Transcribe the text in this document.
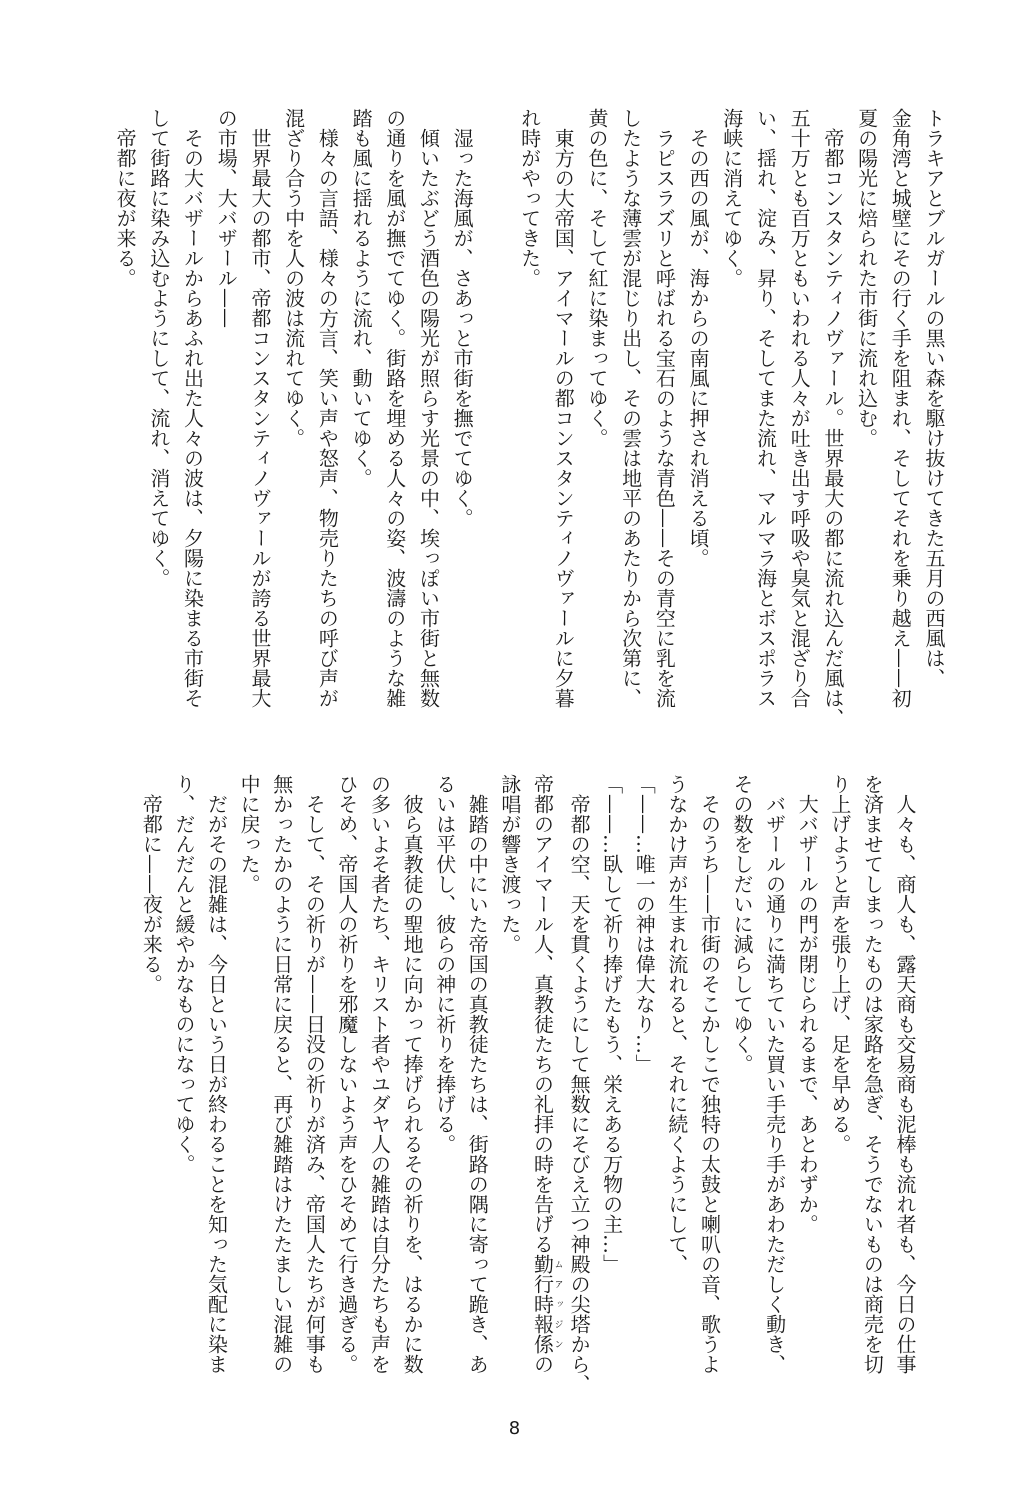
トラキアとブルガールの黒い森を駆け抜けてきた五月の西風は、
金角湾と城壁にその行く手を阻まれ、そしてそれを乗り越え——初
夏の陽光に焙られた市街に流れ込む。
帝都コンスタンティノヴァール。世界最大の都に流れ込んだ風は、
五十万とも百万ともいわれる人々が吐き出す呼吸や臭気と混ざり合
い、揺れ、淀み、昇り、そしてまた流れ、マルマラ海とボスポラス
海峡に消えてゆく。
その西の風が、海からの南風に押され消える頃。
ラピスラズリと呼ばれる宝石のような青色——その青空に乳を流
したような薄雲が混じり出し、その雲は地平のあたりから次第に、
黄の色に、そして紅に染まってゆく。
東方の大帝国、アイマールの都コンスタンティノヴァールに夕暮
れ時がやってきた。
湿った海風が、さあっと市街を撫でてゆく。
傾いたぶどう酒色の陽光が照らす光景の中、埃っぽい市街と無数
の通りを風が撫でてゆく。街路を埋める人々の姿、波濤のような雑
踏も風に揺れるように流れ、動いてゆく。
様々の言語、様々の方言、笑い声や怒声、物売りたちの呼び声が
混ざり合う中を人の波は流れてゆく。
世界最大の都市、帝都コンスタンティノヴァールが誇る世界最大
の市場、大バザール——
その大バザールからあふれ出た人々の波は、夕陽に染まる市街そ
して街路に染み込むようにして、流れ、消えてゆく。
帝都に夜が来る。
人々も、商人も、露天商も交易商も泥棒も流れ者も、今日の仕事
を済ませてしまったものは家路を急ぎ、そうでないものは商売を切
り上げようと声を張り上げ、足を早める。
大バザールの門が閉じられるまで、あとわずか。
バザールの通りに満ちていた買い手売り手があわただしく動き、
その数をしだいに減らしてゆく。
そのうち——市街のそこかしこで独特の太鼓と喇叭の音、歌うよ
うなかけ声が生まれ流れると、それに続くようにして、
「——…唯一の神は偉大なり…」
「——…臥して祈り捧げたもう、栄えある万物の主…」
帝都の空、天を貫くようにして無数にそびえ立つ神殿の尖塔から、
帝都のアイマール人、真教徒たちの礼拝の時を告げる勤行時報係ムアッジンの
詠唱が響き渡った。
雑踏の中にいた帝国の真教徒たちは、街路の隅に寄って跪き、あ
るいは平伏し、彼らの神に祈りを捧げる。
彼ら真教徒の聖地に向かって捧げられるその祈りを、はるかに数
の多いよそ者たち、キリスト者やユダヤ人の雑踏は自分たちも声を
ひそめ、帝国人の祈りを邪魔しないよう声をひそめて行き過ぎる。
そして、その祈りが——日没の祈りが済み、帝国人たちが何事も
無かったかのように日常に戻ると、再び雑踏はけたたましい混雑の
中に戻った。
だがその混雑は、今日という日が終わることを知った気配に染ま
り、だんだんと緩やかなものになってゆく。
帝都に——夜が来る。
8
